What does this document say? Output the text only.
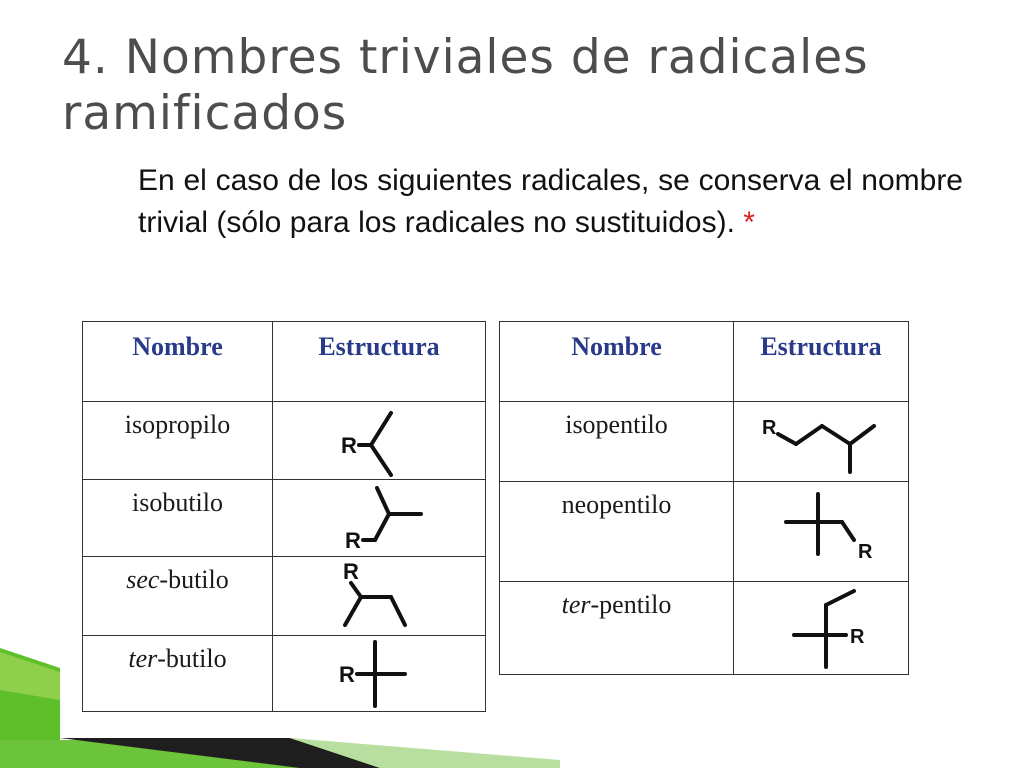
4. Nombres triviales de radicales ramificados

En el caso de los siguientes radicales, se conserva el nombre trivial (sólo para los radicales no sustituidos). *

Nombre	Estructura
isopropilo	R

isobutilo	R

sec-butilo	R

ter-butilo	R
Nombre	Estructura
isopentilo	R

neopentilo	R

ter-pentilo	R
